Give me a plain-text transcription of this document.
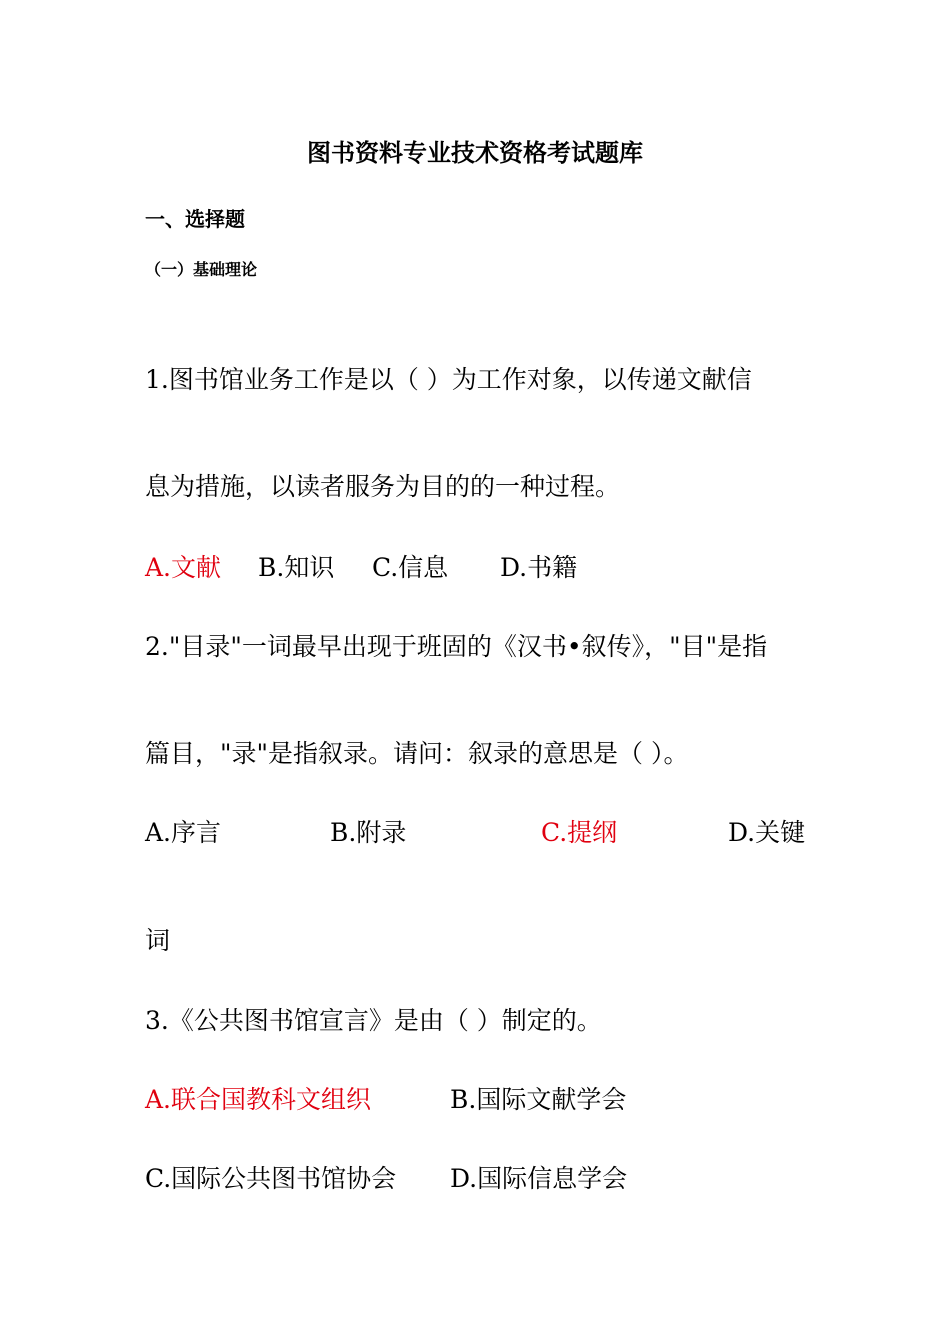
图书资料专业技术资格考试题库
一、选择题
（一）基础理论
1.图书馆业务工作是以（ ）为工作对象，以传递文献信
息为措施，以读者服务为目的的一种过程。
A.文献 B.知识 C.信息 D.书籍
2."目录"一词最早出现于班固的《汉书•叙传》，"目"是指
篇目，"录"是指叙录。请问：叙录的意思是（ ）。
A.序言	B.附录	C.提纲	D.关键
词
3.《公共图书馆宣言》是由（ ）制定的。
A.联合国教科文组织	B.国际文献学会
C.国际公共图书馆协会 D.国际信息学会
